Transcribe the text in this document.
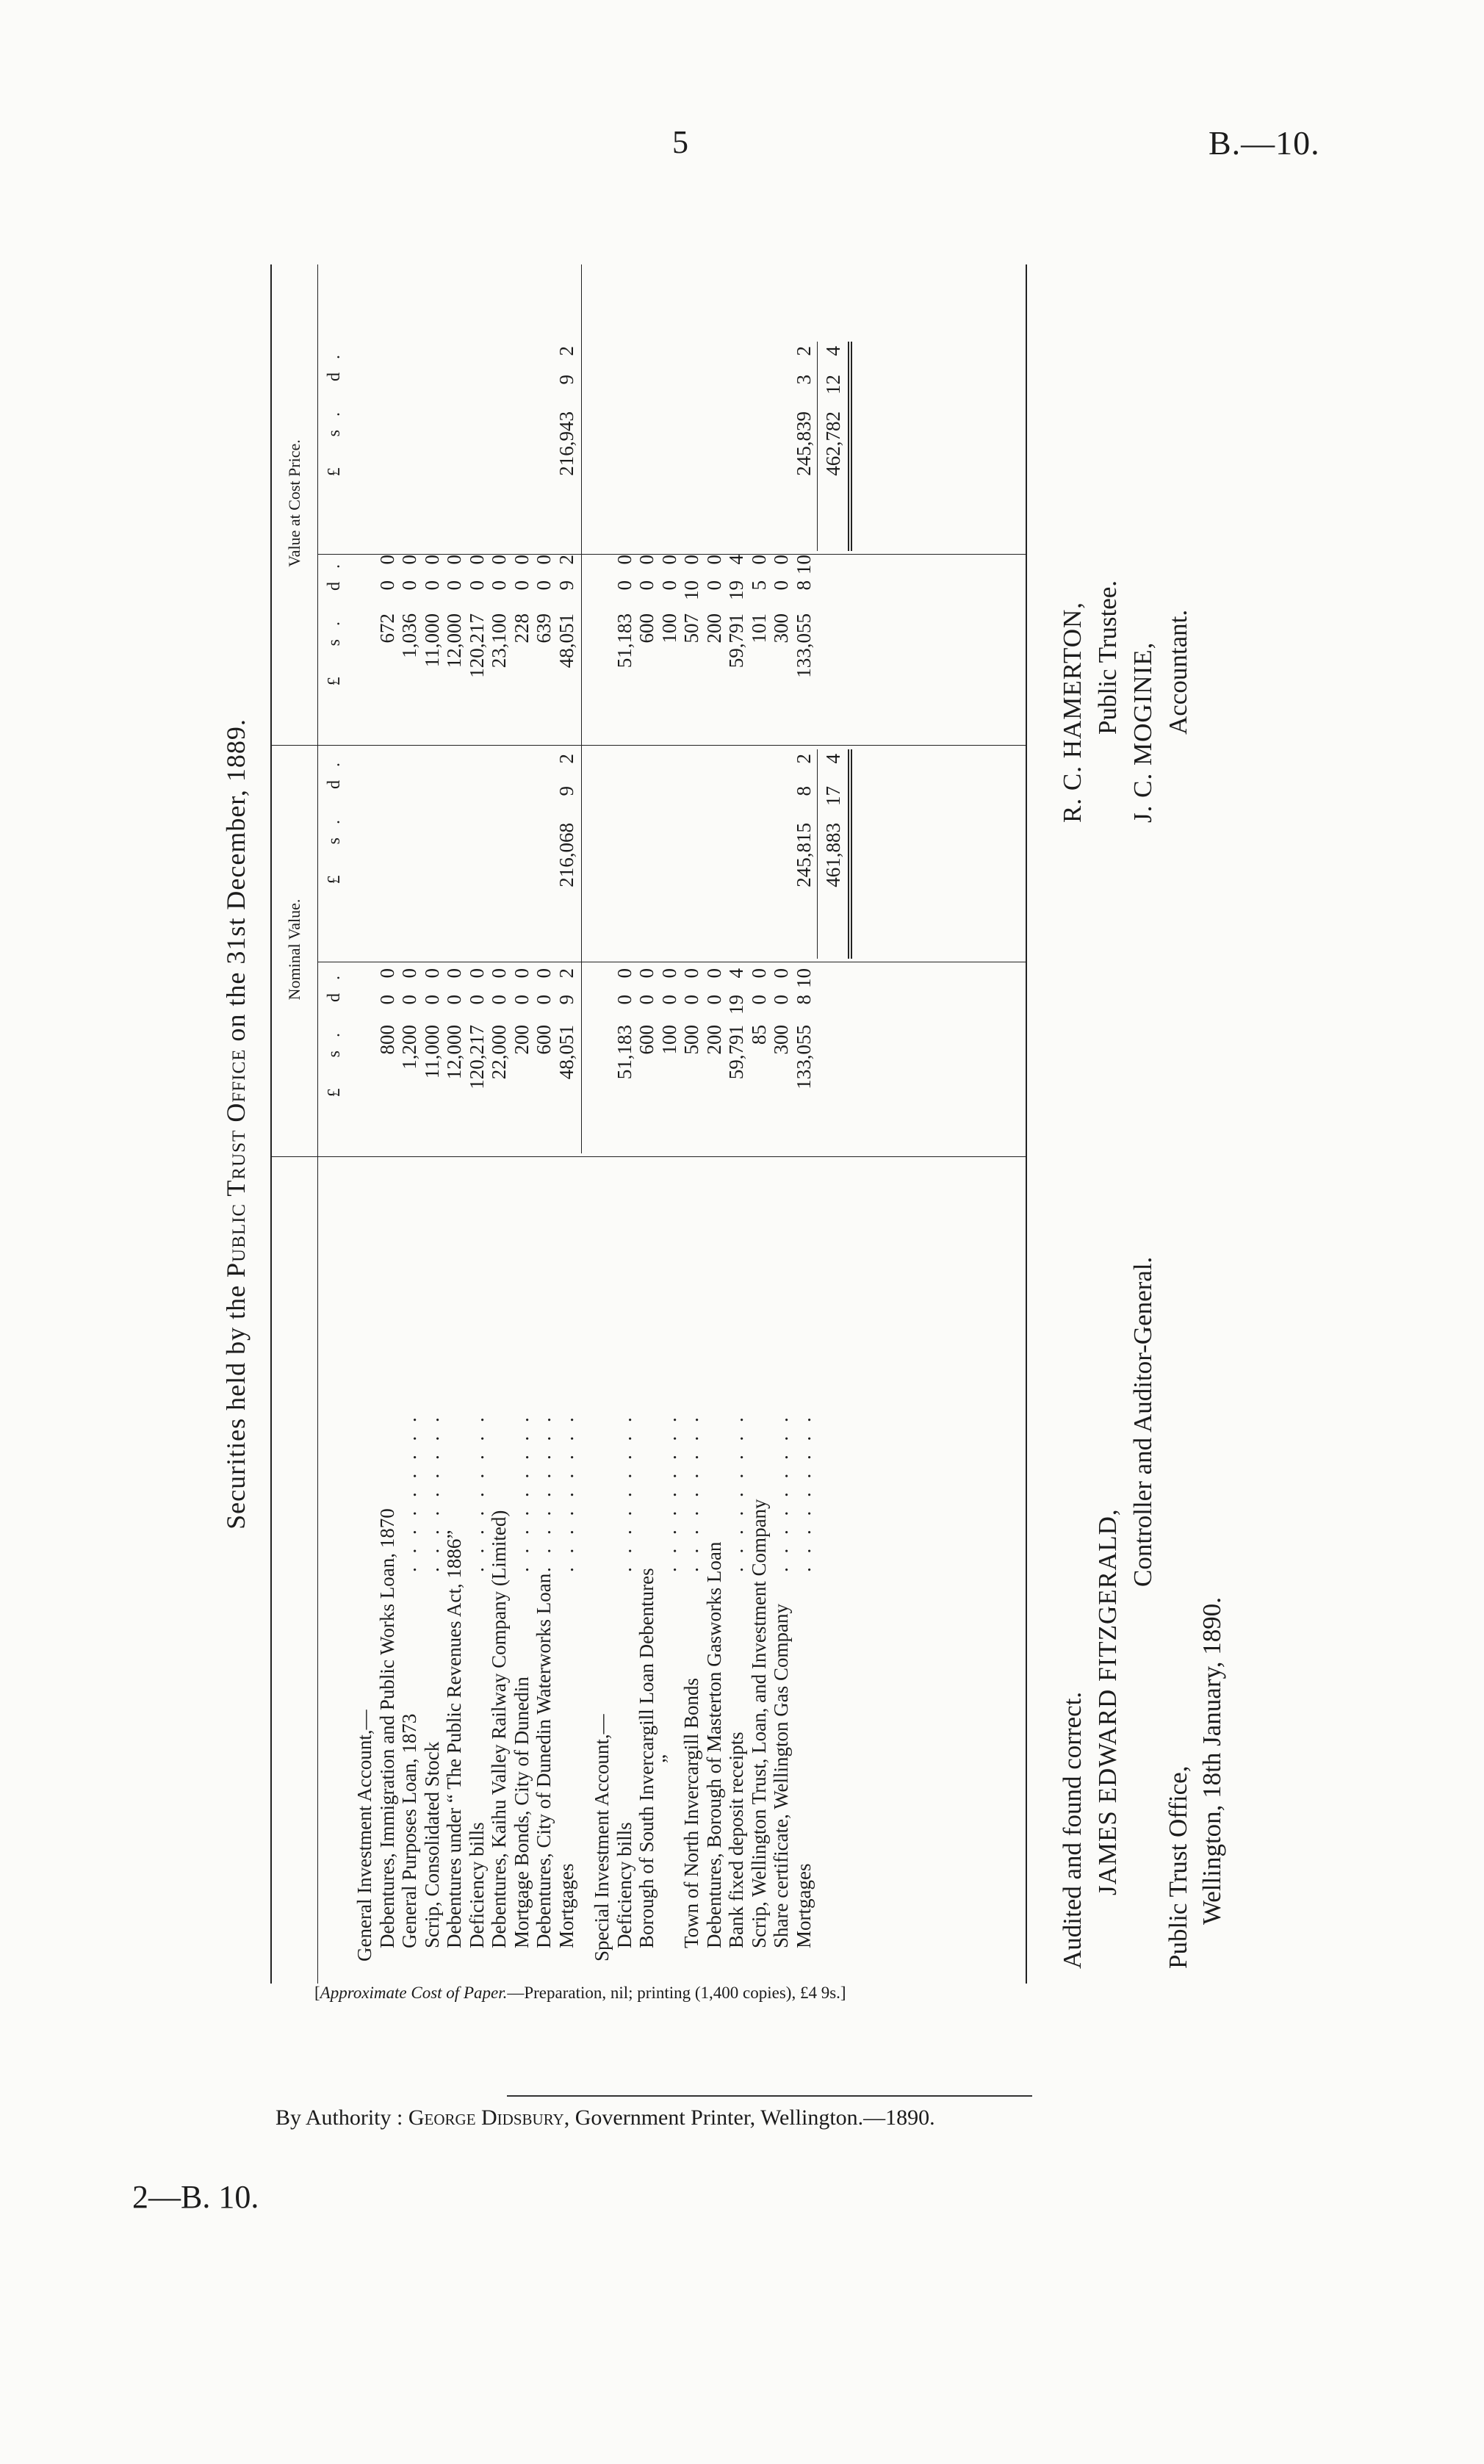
5	B.—10.
Securities held by the Public Trust Office on the 31st December, 1889. Nominal Value.
Value at Cost Price.
£ s. d.
£ s. d.
£ s. d.
£ s. d.
General Investment Account,— Debentures, Immigration and Public Works Loan, 1870
800
0
0
672
0
0
General Purposes Loan, 1873
. . . . . . . . .
1,200
0
0
1,036
0
0
Scrip, Consolidated Stock
. . . . . . . . .
11,000
0
0
11,000
0
0
Debentures under “ The Public Revenues Act, 1886”
12,000
0
0
12,000
0
0
Deficiency bills
. . . . . . . . .
120,217
0
0
120,217
0
0
Debentures, Kaihu Valley Railway Company (Limited)
22,000
0
0
23,100
0
0
Mortgage Bonds, City of Dunedin
. . . . . . . . .
200
0
0
228
0
0
Debentures, City of Dunedin Waterworks Loan
. . . . . . . . .
600
0
0
639
0
0
Mortgages
. . . . . . . . .
48,051
9
2
48,051
9
2
216,068
9
2
216,943
9
2
Special Investment Account,— Deficiency bills
. . . . . . . . .
51,183
0
0
51,183
0
0
Borough of South Invercargill Loan Debentures
600
0
0
600
0
0
”
. . . . . . . . .
100
0
0
100
0
0
Town of North Invercargill Bonds
. . . . . . . . .
500
0
0
507
10
0
Debentures, Borough of Masterton Gasworks Loan
200
0
0
200
0
0
Bank fixed deposit receipts
. . . . . . . . .
59,791
19
4
59,791
19
4
Scrip, Wellington Trust, Loan, and Investment Company
85
0
0
101
5
0
Share certificate, Wellington Gas Company
. . . . . . . . .
300
0
0
300
0
0
Mortgages
. . . . . . . . .
133,055
8
10
133,055
8
10
245,815
8
2
245,839
3
2
461,883
17
4
462,782
12
4
Audited and found correct. JAMES EDWARD FITZGERALD,
Controller and Auditor-General.
Public Trust Office, Wellington, 18th January, 1890.
R. C. HAMERTON, Public Trustee. J. C. MOGINIE, Accountant.
[Approximate Cost of Paper.—Preparation, nil; printing (1,400 copies), £4 9s.]
By Authority : George Didsbury, Government Printer, Wellington.—1890.
2—B. 10.
